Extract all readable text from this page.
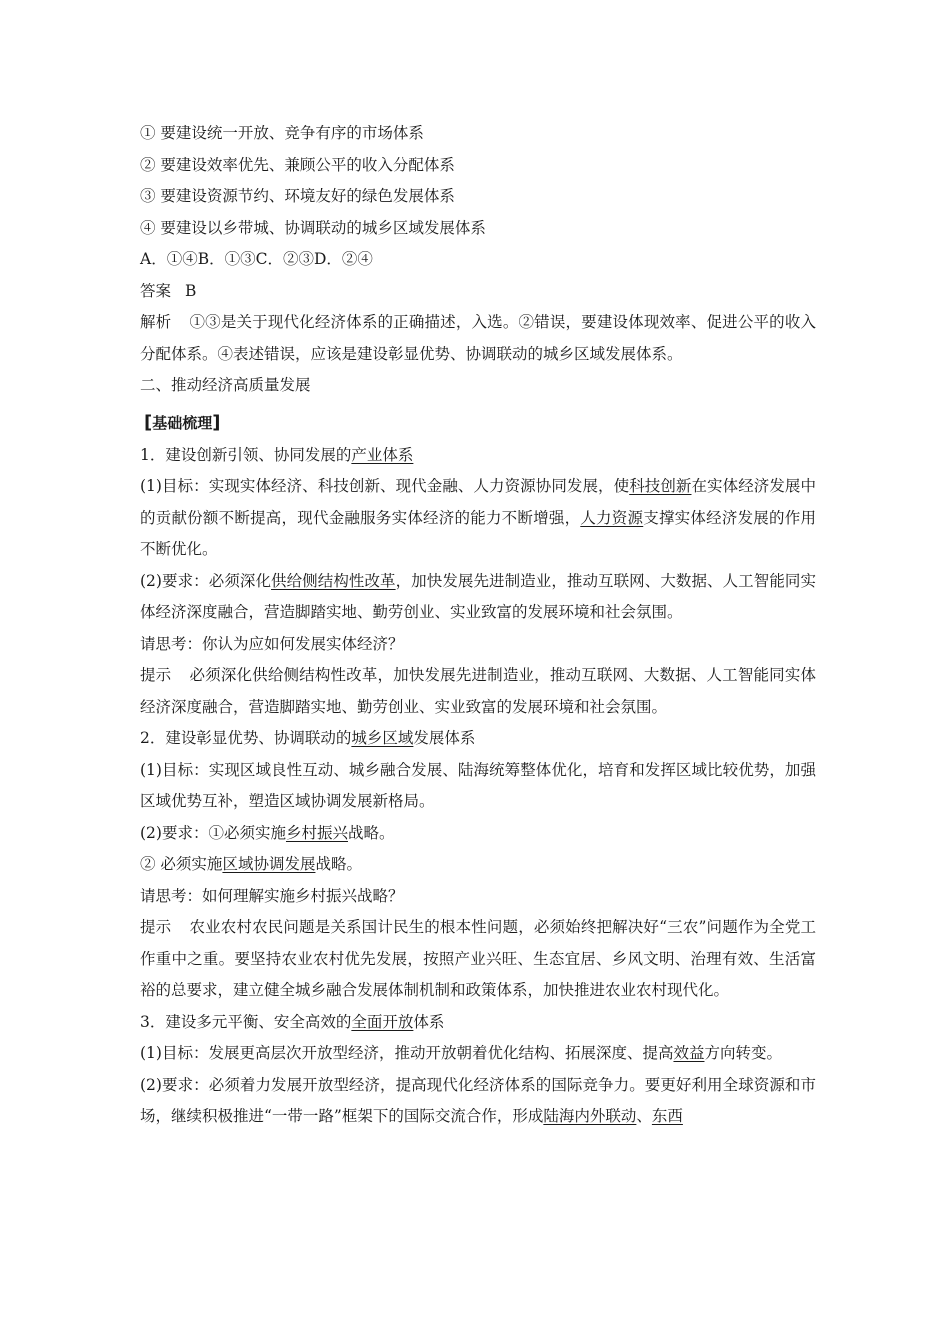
① 要建设统一开放、竞争有序的市场体系
② 要建设效率优先、兼顾公平的收入分配体系
③ 要建设资源节约、环境友好的绿色发展体系
④ 要建设以乡带城、协调联动的城乡区域发展体系
A．①④B．①③C．②③D．②④
答案 B
解析 ①③是关于现代化经济体系的正确描述，入选。②错误，要建设体现效率、促进公平的收入分配体系。④表述错误，应该是建设彰显优势、协调联动的城乡区域发展体系。
二、推动经济高质量发展
[基础梳理]
1．建设创新引领、协同发展的产业体系
(1)目标：实现实体经济、科技创新、现代金融、人力资源协同发展，使科技创新在实体经济发展中的贡献份额不断提高，现代金融服务实体经济的能力不断增强，人力资源支撑实体经济发展的作用不断优化。
(2)要求：必须深化供给侧结构性改革，加快发展先进制造业，推动互联网、大数据、人工智能同实体经济深度融合，营造脚踏实地、勤劳创业、实业致富的发展环境和社会氛围。
请思考：你认为应如何发展实体经济？
提示 必须深化供给侧结构性改革，加快发展先进制造业，推动互联网、大数据、人工智能同实体经济深度融合，营造脚踏实地、勤劳创业、实业致富的发展环境和社会氛围。
2．建设彰显优势、协调联动的城乡区域发展体系
(1)目标：实现区域良性互动、城乡融合发展、陆海统筹整体优化，培育和发挥区域比较优势，加强区域优势互补，塑造区域协调发展新格局。
(2)要求：①必须实施乡村振兴战略。
② 必须实施区域协调发展战略。
请思考：如何理解实施乡村振兴战略？
提示 农业农村农民问题是关系国计民生的根本性问题，必须始终把解决好“三农”问题作为全党工作重中之重。要坚持农业农村优先发展，按照产业兴旺、生态宜居、乡风文明、治理有效、生活富裕的总要求，建立健全城乡融合发展体制机制和政策体系，加快推进农业农村现代化。
3．建设多元平衡、安全高效的全面开放体系
(1)目标：发展更高层次开放型经济，推动开放朝着优化结构、拓展深度、提高效益方向转变。
(2)要求：必须着力发展开放型经济，提高现代化经济体系的国际竞争力。要更好利用全球资源和市场，继续积极推进“一带一路”框架下的国际交流合作，形成陆海内外联动、东西
